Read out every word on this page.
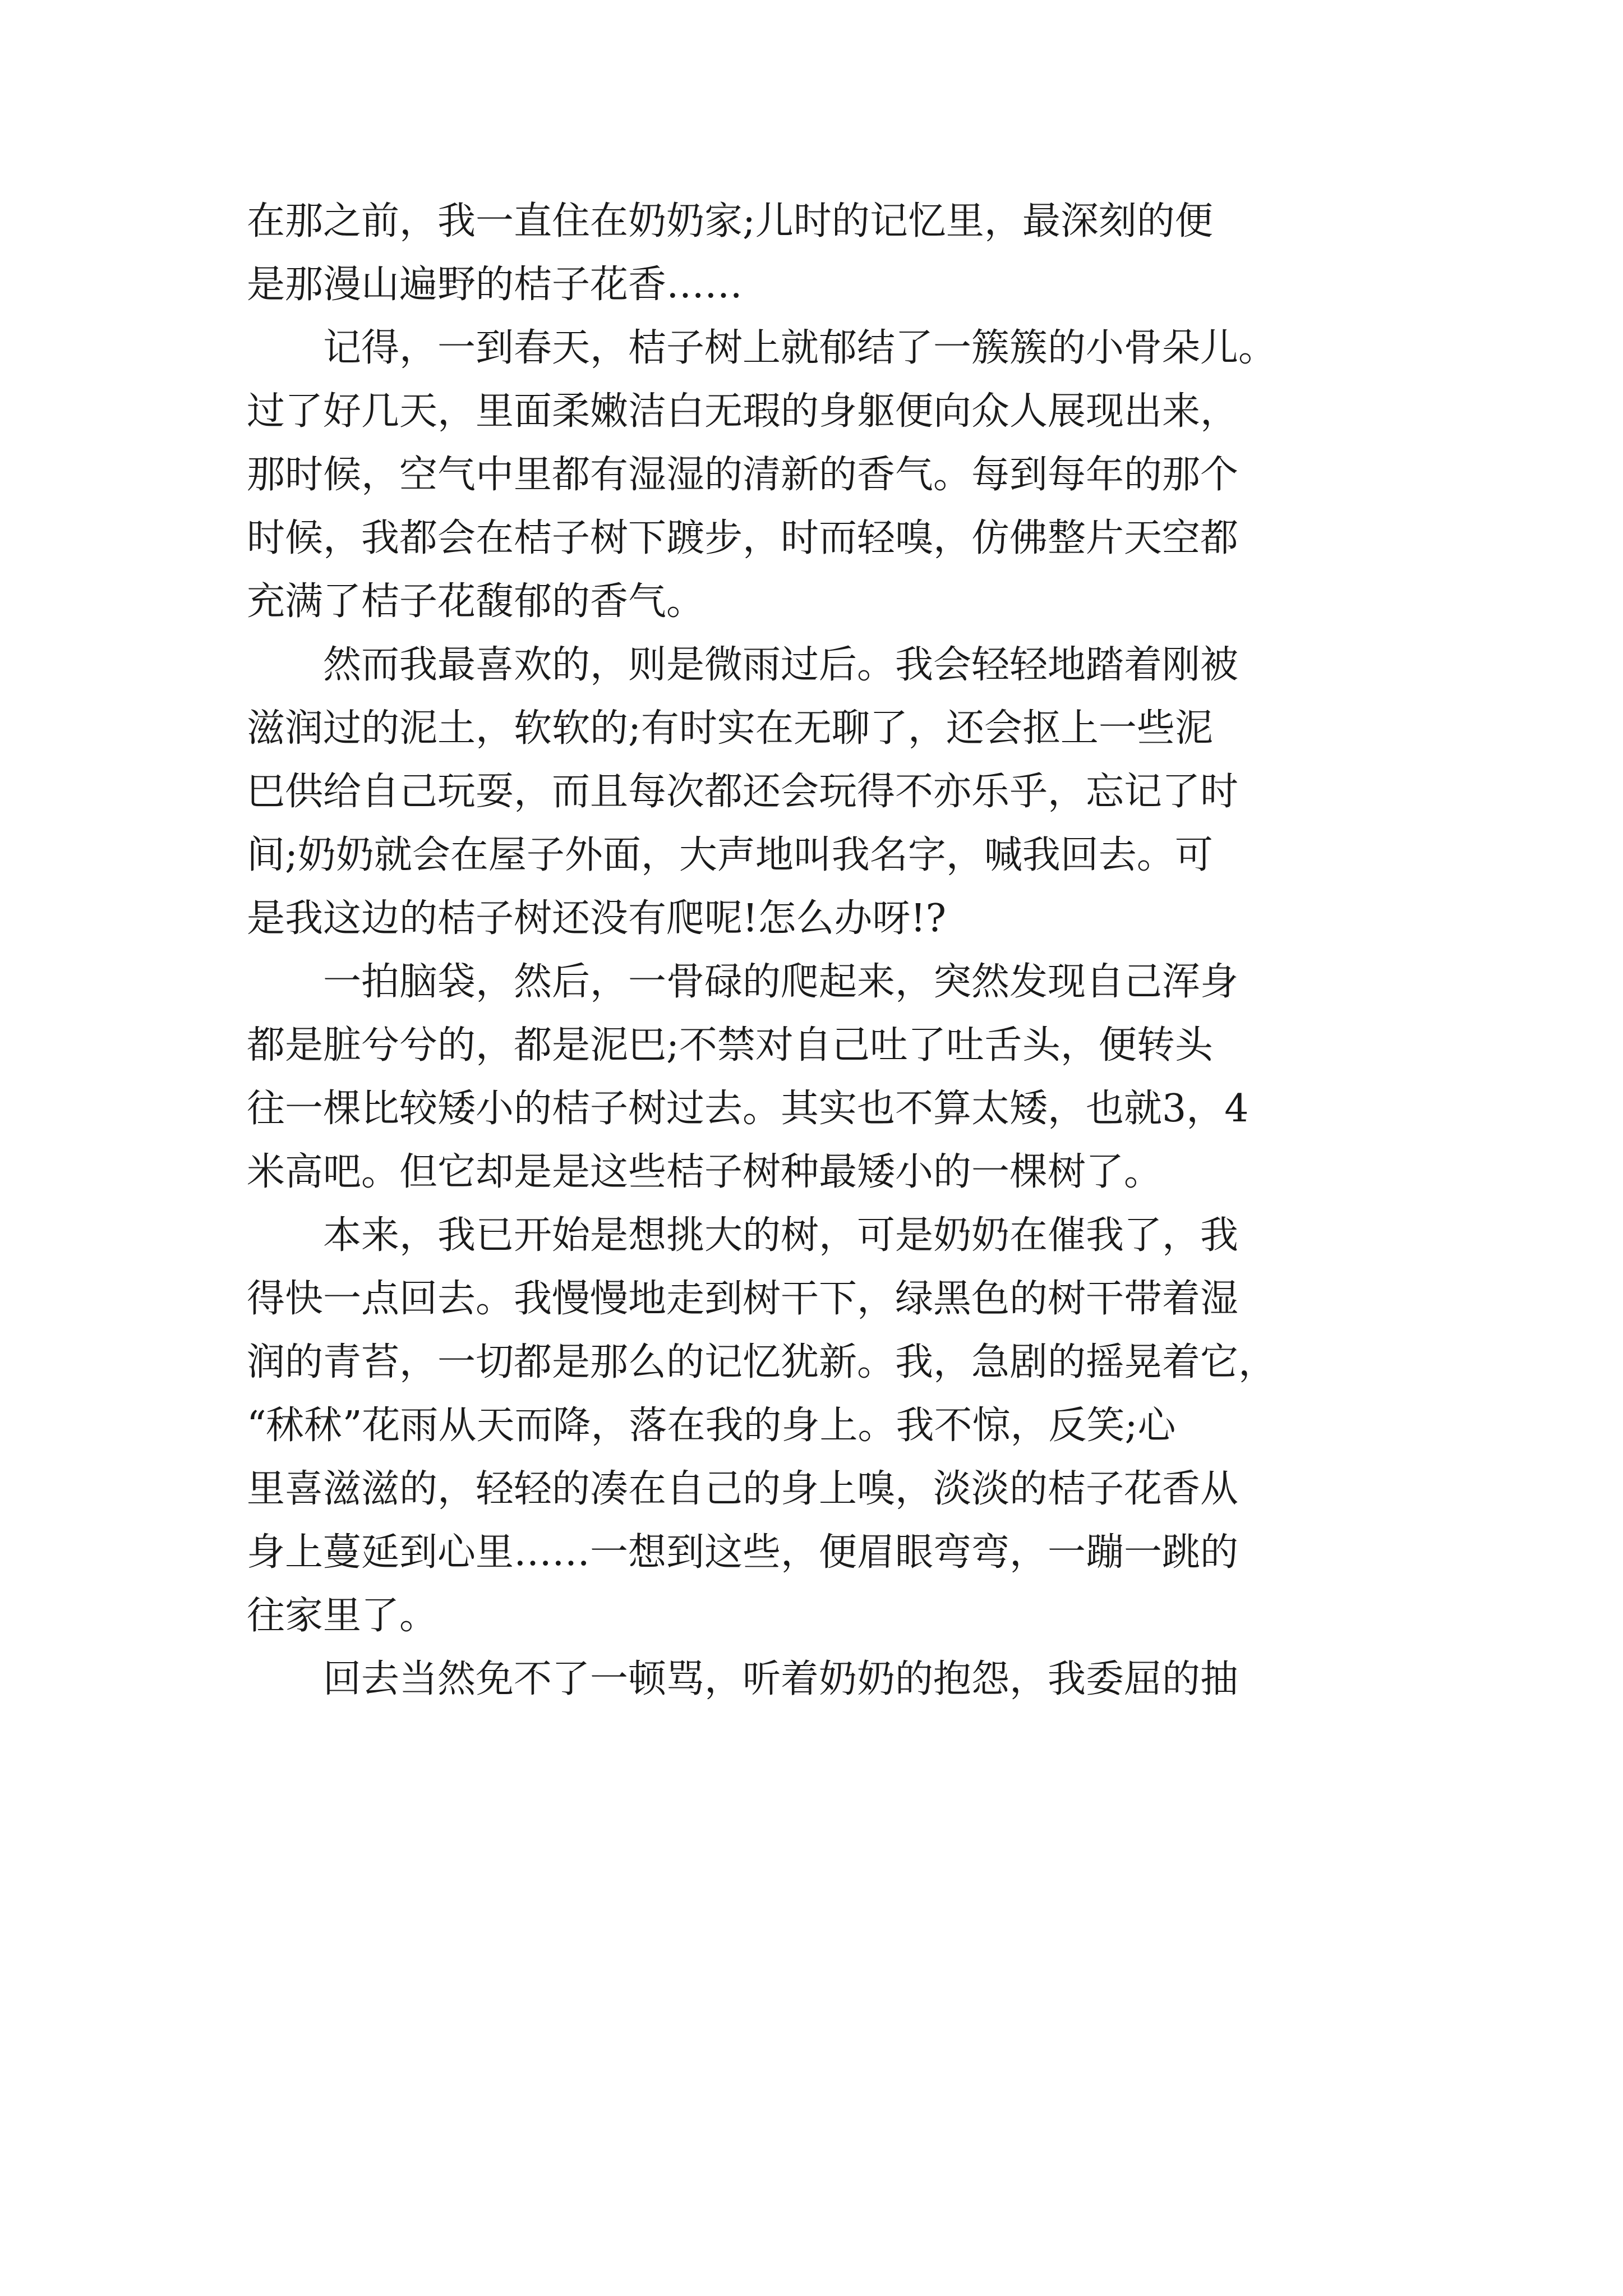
在那之前，我一直住在奶奶家;儿时的记忆里，最深刻的便
是那漫山遍野的桔子花香……
　　记得，一到春天，桔子树上就郁结了一簇簇的小骨朵儿。
过了好几天，里面柔嫩洁白无瑕的身躯便向众人展现出来，
那时候，空气中里都有湿湿的清新的香气。每到每年的那个
时候，我都会在桔子树下踱步，时而轻嗅，仿佛整片天空都
充满了桔子花馥郁的香气。
　　然而我最喜欢的，则是微雨过后。我会轻轻地踏着刚被
滋润过的泥土，软软的;有时实在无聊了，还会抠上一些泥
巴供给自己玩耍，而且每次都还会玩得不亦乐乎，忘记了时
间;奶奶就会在屋子外面，大声地叫我名字，喊我回去。可
是我这边的桔子树还没有爬呢!怎么办呀!?
　　一拍脑袋，然后，一骨碌的爬起来，突然发现自己浑身
都是脏兮兮的，都是泥巴;不禁对自己吐了吐舌头，便转头
往一棵比较矮小的桔子树过去。其实也不算太矮，也就3，4
米高吧。但它却是是这些桔子树种最矮小的一棵树了。
　　本来，我已开始是想挑大的树，可是奶奶在催我了，我
得快一点回去。我慢慢地走到树干下，绿黑色的树干带着湿
润的青苔，一切都是那么的记忆犹新。我，急剧的摇晃着它，
“秫秫”花雨从天而降，落在我的身上。我不惊，反笑;心
里喜滋滋的，轻轻的凑在自己的身上嗅，淡淡的桔子花香从
身上蔓延到心里……一想到这些，便眉眼弯弯，一蹦一跳的
往家里了。
　　回去当然免不了一顿骂，听着奶奶的抱怨，我委屈的抽
